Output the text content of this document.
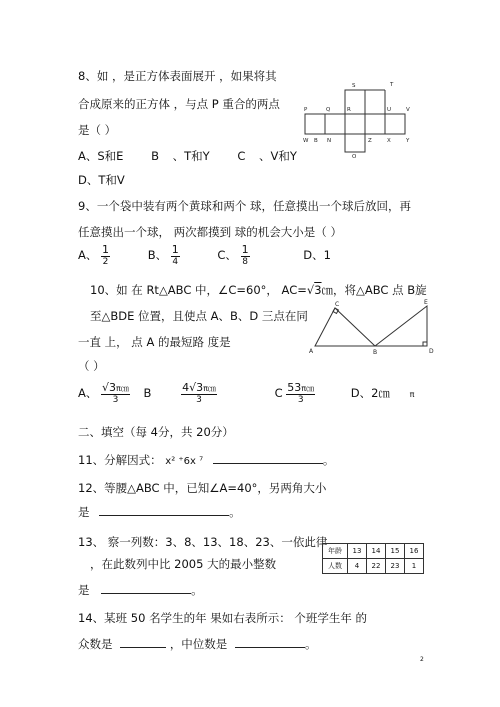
8、如 ，是正方体表面展开 ，如果将其
合成原来的正方体 ，与点 P 重合的两点
是（ ）
A、S和E B 、T和Y C 、V和Y
D、T和V
S	T
P	Q	R	U	V
W B N
O
Z	X	Y
9、一个袋中装有两个黄球和两个 球，任意摸出一个球后放回，再
任意摸出一个球， 两次都摸到 球的机会大小是（ ）
A、 $\frac{1}{2}$	B、 $\frac{1}{4}$	C、 $\frac{1}{8}$	D、1
10、如 在 Rt△ABC 中，∠C=60°， AC=√3㎝，将△ABC 点 B旋
至△BDE 位置，且使点 A、B、D 三点在同
一直 上， 点 A 的最短路 度是
（ ）
C	E
A	B	D
A、 $\frac{√3\pi㎝}{3}$ B	$\frac{4√3\pi㎝}{3}$	C $\frac{53\pi㎝}{3}$	D、2㎝ π
二、填空（每 4分，共 20分）
11、分解因式： x² ⁺6x ⁷	。
12、等腰△ABC 中，已知∠A=40°，另两角大小
是	。
13、 察一列数：3、8、13、18、23、一依此律
，在此数列中比 2005 大的最小整数
是	。
年龄	13	14	15	16
人数	4	22	23	1
14、某班 50 名学生的年 果如右表所示： 个班学生年 的
众数是	，中位数是	。
2
